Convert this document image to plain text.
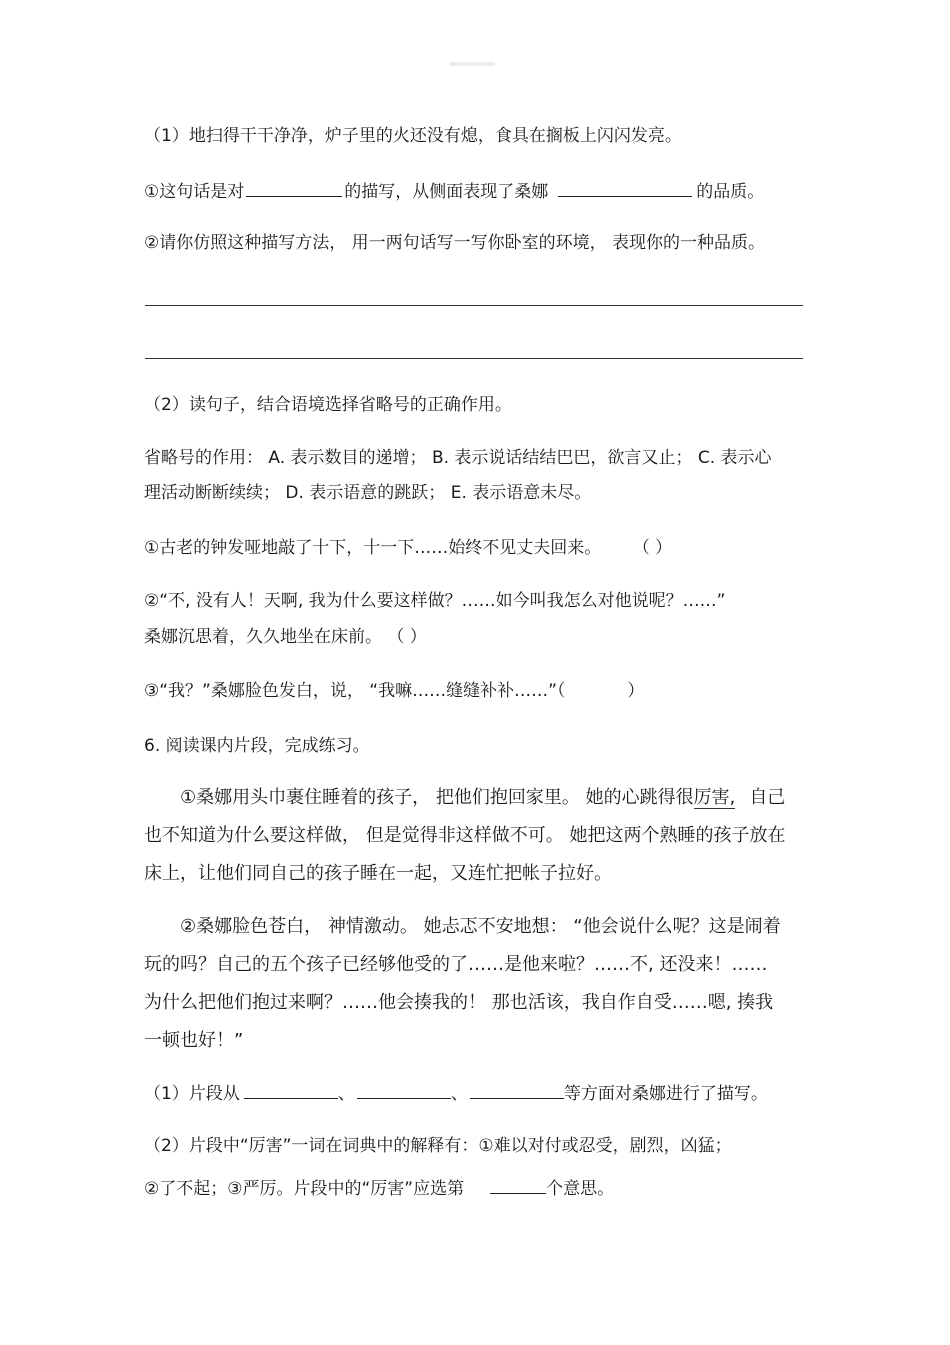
（1）地扫得干干净净，炉子里的火还没有熄，食具在搁板上闪闪发亮。
①这句话是对	的描写，从侧面表现了桑娜	的品质。
②请你仿照这种描写方法， 用一两句话写一写你卧室的环境， 表现你的一种品质。
（2）读句子，结合语境选择省略号的正确作用。
省略号的作用： A. 表示数目的递增； B. 表示说话结结巴巴，欲言又止； C. 表示心
理活动断断续续； D. 表示语意的跳跃； E. 表示语意未尽。
①古老的钟发哑地敲了十下，十一下……始终不见丈夫回来。 （ ）
②“不, 没有人！天啊, 我为什么要这样做？……如今叫我怎么对他说呢？……”
桑娜沉思着，久久地坐在床前。 （ ）
③“我？”桑娜脸色发白，说， “我嘛……缝缝补补……”（	）
6. 阅读课内片段，完成练习。
①桑娜用头巾裹住睡着的孩子， 把他们抱回家里。 她的心跳得很厉害, 自己
也不知道为什么要这样做， 但是觉得非这样做不可。 她把这两个熟睡的孩子放在
床上，让他们同自己的孩子睡在一起，又连忙把帐子拉好。
②桑娜脸色苍白， 神情激动。 她忐忑不安地想： “他会说什么呢？这是闹着
玩的吗？自己的五个孩子已经够他受的了……是他来啦？……不, 还没来！……
为什么把他们抱过来啊？……他会揍我的！ 那也活该，我自作自受……嗯, 揍我
一顿也好！”
（1）片段从	、	、	等方面对桑娜进行了描写。
（2）片段中“厉害”一词在词典中的解释有：①难以对付或忍受，剧烈，凶猛；
②了不起；③严厉。片段中的“厉害”应选第	个意思。
